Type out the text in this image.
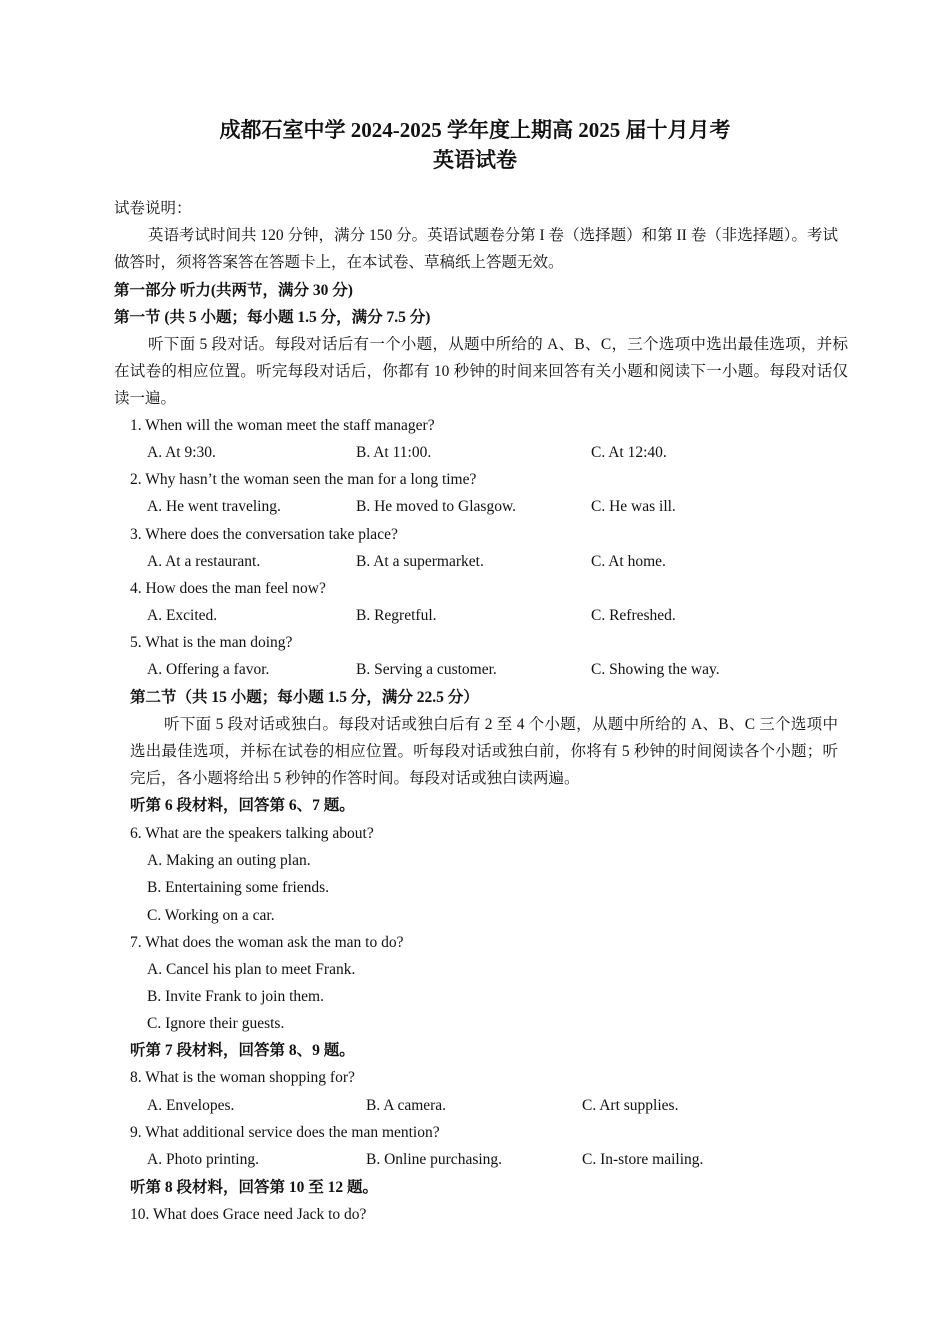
成都石室中学 2024-2025 学年度上期高 2025 届十月月考
英语试卷
试卷说明：
英语考试时间共 120 分钟，满分 150 分。英语试题卷分第 I 卷（选择题）和第 II 卷（非选择题）。考试做答时，须将答案答在答题卡上，在本试卷、草稿纸上答题无效。
第一部分 听力(共两节，满分 30 分)
第一节 (共 5 小题；每小题 1.5 分，满分 7.5 分)
听下面 5 段对话。每段对话后有一个小题，从题中所给的 A、B、C，三个选项中选出最佳选项，并标在试卷的相应位置。听完每段对话后，你都有 10 秒钟的时间来回答有关小题和阅读下一小题。每段对话仅读一遍。
1. When will the woman meet the staff manager?
A. At 9:30.	B. At 11:00.	C. At 12:40.
2. Why hasn’t the woman seen the man for a long time?
A. He went traveling.	B. He moved to Glasgow.	C. He was ill.
3. Where does the conversation take place?
A. At a restaurant.	B. At a supermarket.	C. At home.
4. How does the man feel now?
A. Excited.	B. Regretful.	C. Refreshed.
5. What is the man doing?
A. Offering a favor.	B. Serving a customer.	C. Showing the way.
第二节（共 15 小题；每小题 1.5 分，满分 22.5 分）
听下面 5 段对话或独白。每段对话或独白后有 2 至 4 个小题，从题中所给的 A、B、C 三个选项中选出最佳选项，并标在试卷的相应位置。听每段对话或独白前，你将有 5 秒钟的时间阅读各个小题；听完后，各小题将给出 5 秒钟的作答时间。每段对话或独白读两遍。
听第 6 段材料，回答第 6、7 题。
6. What are the speakers talking about?
A. Making an outing plan.
B. Entertaining some friends.
C. Working on a car.
7. What does the woman ask the man to do?
A. Cancel his plan to meet Frank.
B. Invite Frank to join them.
C. Ignore their guests.
听第 7 段材料，回答第 8、9 题。
8. What is the woman shopping for?
A. Envelopes.	B. A camera.	C. Art supplies.
9. What additional service does the man mention?
A. Photo printing.	B. Online purchasing.	C. In-store mailing.
听第 8 段材料，回答第 10 至 12 题。
10. What does Grace need Jack to do?
